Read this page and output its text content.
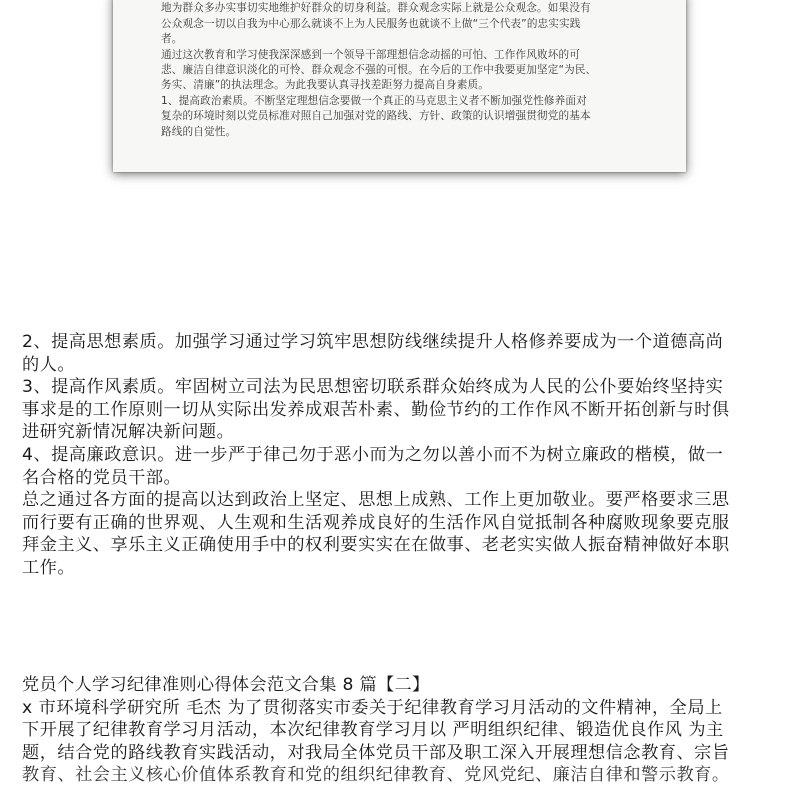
地为群众多办实事切实地维护好群众的切身利益。群众观念实际上就是公众观念。如果没有
公众观念一切以自我为中心那么就谈不上为人民服务也就谈不上做“三个代表”的忠实实践
者。
通过这次教育和学习使我深深感到一个领导干部理想信念动摇的可怕、工作作风败坏的可
悲、廉洁自律意识淡化的可怜、群众观念不强的可恨。在今后的工作中我要更加坚定“为民、
务实、清廉”的执法理念。为此我要认真寻找差距努力提高自身素质。
1、提高政治素质。不断坚定理想信念要做一个真正的马克思主义者不断加强党性修养面对
复杂的环境时刻以党员标准对照自己加强对党的路线、方针、政策的认识增强贯彻党的基本
路线的自觉性。
2、提高思想素质。加强学习通过学习筑牢思想防线继续提升人格修养要成为一个道德高尚
的人。
3、提高作风素质。牢固树立司法为民思想密切联系群众始终成为人民的公仆要始终坚持实
事求是的工作原则一切从实际出发养成艰苦朴素、勤俭节约的工作作风不断开拓创新与时俱
进研究新情况解决新问题。
4、提高廉政意识。进一步严于律己勿于恶小而为之勿以善小而不为树立廉政的楷模，做一
名合格的党员干部。
总之通过各方面的提高以达到政治上坚定、思想上成熟、工作上更加敬业。要严格要求三思
而行要有正确的世界观、人生观和生活观养成良好的生活作风自觉抵制各种腐败现象要克服
拜金主义、享乐主义正确使用手中的权利要实实在在做事、老老实实做人振奋精神做好本职
工作。
党员个人学习纪律准则心得体会范文合集 8 篇【二】
x 市环境科学研究所 毛杰 为了贯彻落实市委关于纪律教育学习月活动的文件精神，全局上
下开展了纪律教育学习月活动，本次纪律教育学习月以 严明组织纪律、锻造优良作风 为主
题，结合党的路线教育实践活动，对我局全体党员干部及职工深入开展理想信念教育、宗旨
教育、社会主义核心价值体系教育和党的组织纪律教育、党风党纪、廉洁自律和警示教育。
